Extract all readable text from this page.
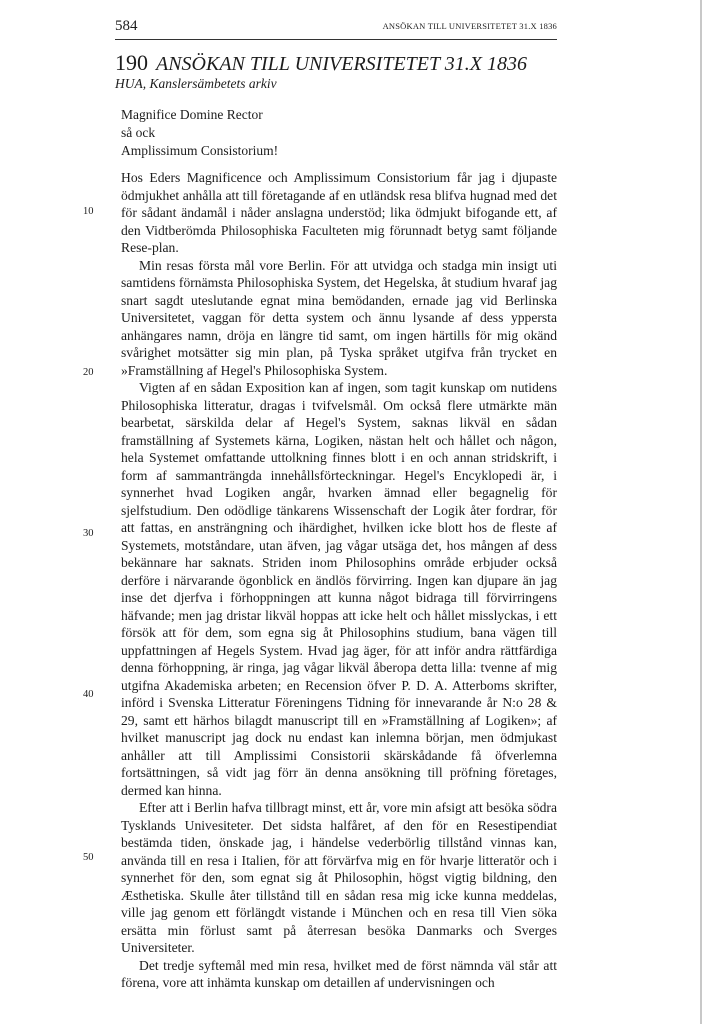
584	ANSÖKAN TILL UNIVERSITETET 31.X 1836
190 ANSÖKAN TILL UNIVERSITETET 31.X 1836
HUA, Kanslersämbetets arkiv
Magnifice Domine Rector
så ock
Amplissimum Consistorium!

Hos Eders Magnificence och Amplissimum Consistorium får jag i djupaste ödmjukhet anhålla att till företagande af en utländsk resa blifva hugnad med det för sådant ändamål i nåder anslagna understöd; lika ödmjukt bifogande ett, af den Vidtberömda Philosophiska Faculteten mig förunnadt betyg samt följande Rese-plan.

Min resas första mål vore Berlin. För att utvidga och stadga min insigt uti samtidens förnämsta Philosophiska System, det Hegelska, åt studium hvaraf jag snart sagdt uteslutande egnat mina bemödanden, ernade jag vid Berlinska Universitetet, vaggan för detta system och ännu lysande af dess yppersta anhängares namn, dröja en längre tid samt, om ingen härtills för mig okänd svårighet motsätter sig min plan, på Tyska språket utgifva från trycket en »Framställning af Hegel's Philosophiska System.

Vigten af en sådan Exposition kan af ingen, som tagit kunskap om nutidens Philosophiska litteratur, dragas i tvifvelsmål. Om också flere utmärkte män bearbetat, särskilda delar af Hegel's System, saknas likväl en sådan framställning af Systemets kärna, Logiken, nästan helt och hållet och någon, hela Systemet omfattande uttolkning finnes blott i en och annan stridskrift, i form af sammanträngda innehållsförteckningar. Hegel's Encyklopedi är, i synnerhet hvad Logiken angår, hvarken ämnad eller begagnelig för sjelfstudium. Den odödlige tänkarens Wissenschaft der Logik åter fordrar, för att fattas, en ansträngning och ihärdighet, hvilken icke blott hos de fleste af Systemets, motståndare, utan äfven, jag vågar utsäga det, hos mången af dess bekännare har saknats. Striden inom Philosophins område erbjuder också derföre i närvarande ögonblick en ändlös förvirring. Ingen kan djupare än jag inse det djerfva i förhoppningen att kunna något bidraga till förvirringens häfvande; men jag dristar likväl hoppas att icke helt och hållet misslyckas, i ett försök att för dem, som egna sig åt Philosophins studium, bana vägen till uppfattningen af Hegels System. Hvad jag äger, för att inför andra rättfärdiga denna förhoppning, är ringa, jag vågar likväl åberopa detta lilla: tvenne af mig utgifna Akademiska arbeten; en Recension öfver P. D. A. Atterboms skrifter, införd i Svenska Litteratur Föreningens Tidning för innevarande år N:o 28 & 29, samt ett härhos bilagdt manuscript till en »Framställning af Logiken»; af hvilket manuscript jag dock nu endast kan inlemna början, men ödmjukast anhåller att till Amplissimi Consistorii skärskådande få öfverlemna fortsättningen, så vidt jag förr än denna ansökning till pröfning företages, dermed kan hinna.

Efter att i Berlin hafva tillbragt minst, ett år, vore min afsigt att besöka södra Tysklands Univesiteter. Det sidsta halfåret, af den för en Resestipendiat bestämda tiden, önskade jag, i händelse vederbörlig tillstånd vinnas kan, använda till en resa i Italien, för att förvärfva mig en för hvarje litteratör och i synnerhet för den, som egnat sig åt Philosophin, högst vigtig bildning, den Æsthetiska. Skulle åter tillstånd till en sådan resa mig icke kunna meddelas, ville jag genom ett förlängdt vistande i München och en resa till Vien söka ersätta min förlust samt på återresan besöka Danmarks och Sverges Universiteter.

Det tredje syftemål med min resa, hvilket med de först nämnda väl står att förena, vore att inhämta kunskap om detaillen af undervisningen och

10
20
30
40
50
